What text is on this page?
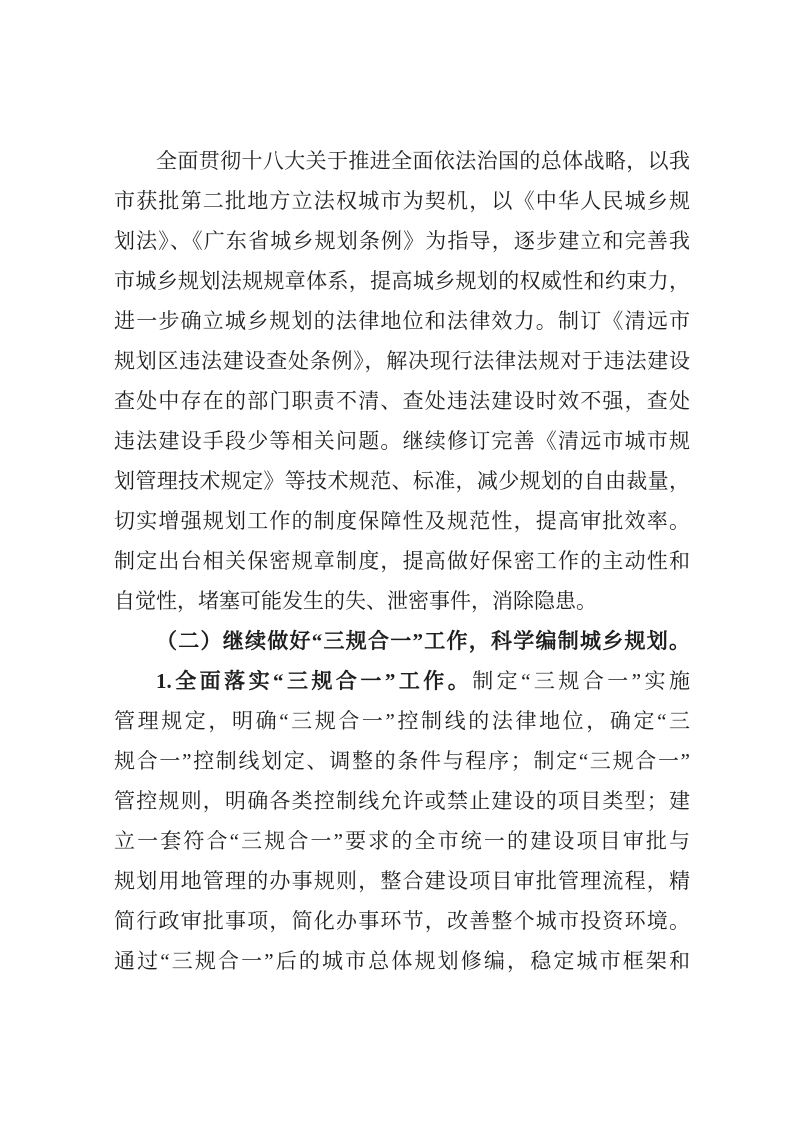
全面贯彻十八大关于推进全面依法治国的总体战略，以我
市获批第二批地方立法权城市为契机，以《中华人民城乡规
划法》、《广东省城乡规划条例》为指导，逐步建立和完善我
市城乡规划法规规章体系，提高城乡规划的权威性和约束力，
进一步确立城乡规划的法律地位和法律效力。制订《清远市
规划区违法建设查处条例》，解决现行法律法规对于违法建设
查处中存在的部门职责不清、查处违法建设时效不强，查处
违法建设手段少等相关问题。继续修订完善《清远市城市规
划管理技术规定》等技术规范、标准，减少规划的自由裁量，
切实增强规划工作的制度保障性及规范性，提高审批效率。
制定出台相关保密规章制度，提高做好保密工作的主动性和
自觉性，堵塞可能发生的失、泄密事件，消除隐患。
（二）继续做好“三规合一”工作，科学编制城乡规划。
1.全面落实“三规合一”工作。制定“三规合一”实施
管理规定，明确“三规合一”控制线的法律地位，确定“三
规合一”控制线划定、调整的条件与程序；制定“三规合一”
管控规则，明确各类控制线允许或禁止建设的项目类型；建
立一套符合“三规合一”要求的全市统一的建设项目审批与
规划用地管理的办事规则，整合建设项目审批管理流程，精
简行政审批事项，简化办事环节，改善整个城市投资环境。
通过“三规合一”后的城市总体规划修编，稳定城市框架和
